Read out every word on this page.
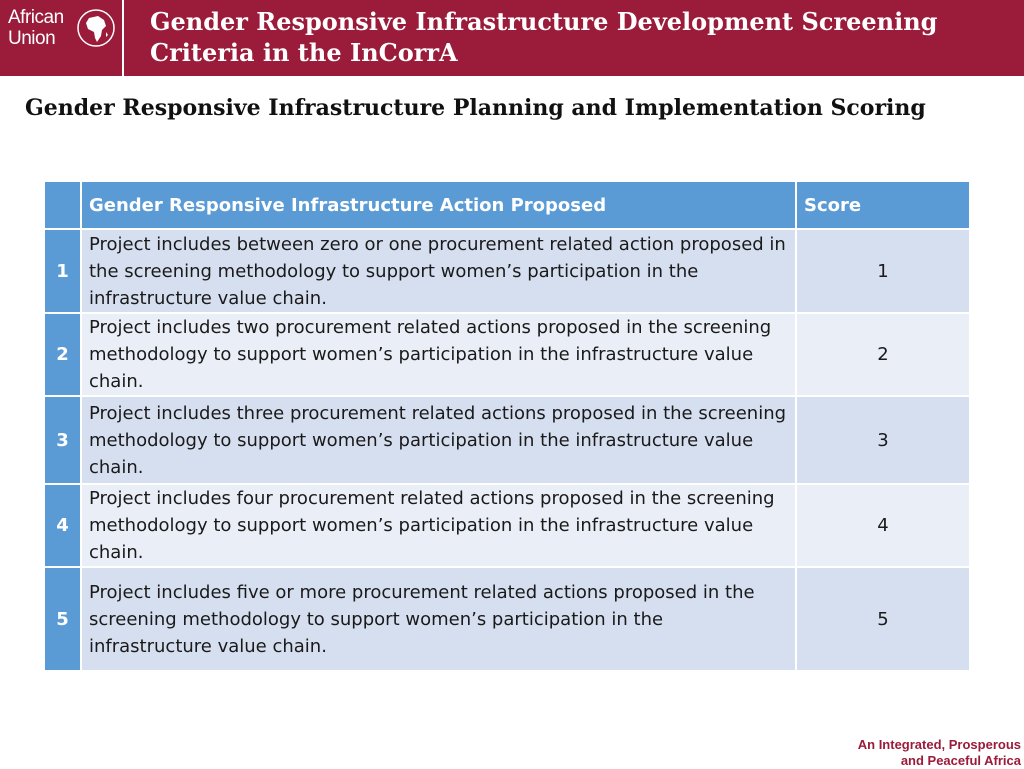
African
Union
Gender Responsive Infrastructure Development Screening Criteria in the InCorrA
Gender Responsive Infrastructure Planning and Implementation Scoring
	Gender Responsive Infrastructure Action Proposed	Score
1	Project includes between zero or one procurement related action proposed in the screening methodology to support women’s participation in the infrastructure value chain.	1
2	Project includes two procurement related actions proposed in the screening methodology to support women’s participation in the infrastructure value chain.	2
3	Project includes three procurement related actions proposed in the screening methodology to support women’s participation in the infrastructure value chain.	3
4	Project includes four procurement related actions proposed in the screening methodology to support women’s participation in the infrastructure value chain.	4
5	Project includes five or more procurement related actions proposed in the screening methodology to support women’s participation in the infrastructure value chain.	5
An Integrated, Prosperous
and Peaceful Africa
